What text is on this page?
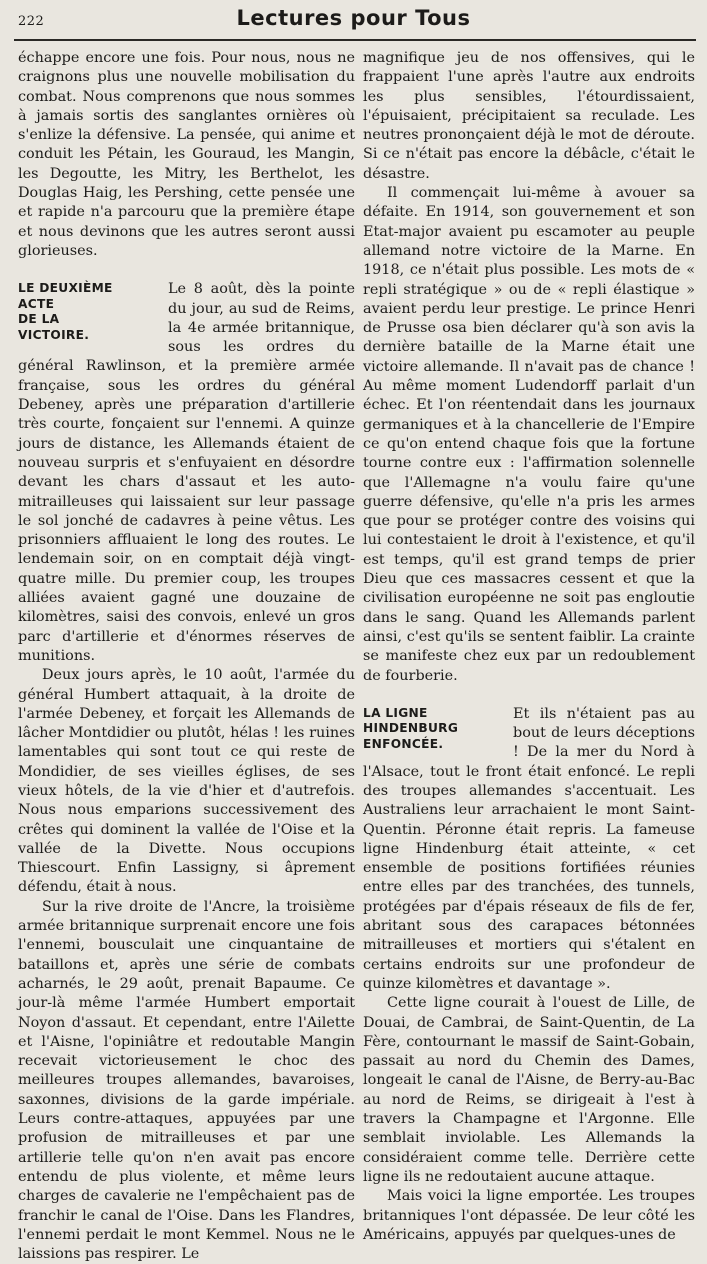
222	Lectures pour Tous

échappe encore une fois. Pour nous, nous ne craignons plus une nouvelle mobilisation du combat. Nous comprenons que nous sommes à jamais sortis des sanglantes ornières où s'enlize la défensive. La pensée, qui anime et conduit les Pétain, les Gouraud, les Mangin, les Degoutte, les Mitry, les Berthelot, les Douglas Haig, les Pershing, cette pensée une et rapide n'a parcouru que la première étape et nous devinons que les autres seront aussi glorieuses.

LE DEUXIÈME
ACTE
DE LA
VICTOIRE.

Le 8 août, dès la pointe du jour, au sud de Reims, la 4e armée britannique, sous les ordres du général Rawlinson, et la première armée française, sous les ordres du général Debeney, après une préparation d'artillerie très courte, fonçaient sur l'ennemi. A quinze jours de distance, les Allemands étaient de nouveau surpris et s'enfuyaient en désordre devant les chars d'assaut et les auto-mitrailleuses qui laissaient sur leur passage le sol jonché de cadavres à peine vêtus. Les prisonniers affluaient le long des routes. Le lendemain soir, on en comptait déjà vingt-quatre mille. Du premier coup, les troupes alliées avaient gagné une douzaine de kilomètres, saisi des convois, enlevé un gros parc d'artillerie et d'énormes réserves de munitions.

Deux jours après, le 10 août, l'armée du général Humbert attaquait, à la droite de l'armée Debeney, et forçait les Allemands de lâcher Montdidier ou plutôt, hélas ! les ruines lamentables qui sont tout ce qui reste de Mondidier, de ses vieilles églises, de ses vieux hôtels, de la vie d'hier et d'autrefois. Nous nous emparions successivement des crêtes qui dominent la vallée de l'Oise et la vallée de la Divette. Nous occupions Thiescourt. Enfin Lassigny, si âprement défendu, était à nous.

Sur la rive droite de l'Ancre, la troisième armée britannique surprenait encore une fois l'ennemi, bousculait une cinquantaine de bataillons et, après une série de combats acharnés, le 29 août, prenait Bapaume. Ce jour-là même l'armée Humbert emportait Noyon d'assaut. Et cependant, entre l'Ailette et l'Aisne, l'opiniâtre et redoutable Mangin recevait victorieusement le choc des meilleures troupes allemandes, bavaroises, saxonnes, divisions de la garde impériale. Leurs contre-attaques, appuyées par une profusion de mitrailleuses et par une artillerie telle qu'on n'en avait pas encore entendu de plus violente, et même leurs charges de cavalerie ne l'empêchaient pas de franchir le canal de l'Oise. Dans les Flandres, l'ennemi perdait le mont Kemmel. Nous ne le laissions pas respirer. Le

magnifique jeu de nos offensives, qui le frappaient l'une après l'autre aux endroits les plus sensibles, l'étourdissaient, l'épuisaient, précipitaient sa reculade. Les neutres prononçaient déjà le mot de déroute. Si ce n'était pas encore la débâcle, c'était le désastre.

Il commençait lui-même à avouer sa défaite. En 1914, son gouvernement et son Etat-major avaient pu escamoter au peuple allemand notre victoire de la Marne. En 1918, ce n'était plus possible. Les mots de « repli stratégique » ou de « repli élastique » avaient perdu leur prestige. Le prince Henri de Prusse osa bien déclarer qu'à son avis la dernière bataille de la Marne était une victoire allemande. Il n'avait pas de chance ! Au même moment Ludendorff parlait d'un échec. Et l'on réentendait dans les journaux germaniques et à la chancellerie de l'Empire ce qu'on entend chaque fois que la fortune tourne contre eux : l'affirmation solennelle que l'Allemagne n'a voulu faire qu'une guerre défensive, qu'elle n'a pris les armes que pour se protéger contre des voisins qui lui contestaient le droit à l'existence, et qu'il est temps, qu'il est grand temps de prier Dieu que ces massacres cessent et que la civilisation européenne ne soit pas engloutie dans le sang. Quand les Allemands parlent ainsi, c'est qu'ils se sentent faiblir. La crainte se manifeste chez eux par un redoublement de fourberie.

LA LIGNE
HINDENBURG
ENFONCÉE.

Et ils n'étaient pas au bout de leurs déceptions ! De la mer du Nord à l'Alsace, tout le front était enfoncé. Le repli des troupes allemandes s'accentuait. Les Australiens leur arrachaient le mont Saint-Quentin. Péronne était repris. La fameuse ligne Hindenburg était atteinte, « cet ensemble de positions fortifiées réunies entre elles par des tranchées, des tunnels, protégées par d'épais réseaux de fils de fer, abritant sous des carapaces bétonnées mitrailleuses et mortiers qui s'étalent en certains endroits sur une profondeur de quinze kilomètres et davantage ».

Cette ligne courait à l'ouest de Lille, de Douai, de Cambrai, de Saint-Quentin, de La Fère, contournant le massif de Saint-Gobain, passait au nord du Chemin des Dames, longeait le canal de l'Aisne, de Berry-au-Bac au nord de Reims, se dirigeait à l'est à travers la Champagne et l'Argonne. Elle semblait inviolable. Les Allemands la considéraient comme telle. Derrière cette ligne ils ne redoutaient aucune attaque.

Mais voici la ligne emportée. Les troupes britanniques l'ont dépassée. De leur côté les Américains, appuyés par quelques-unes de
